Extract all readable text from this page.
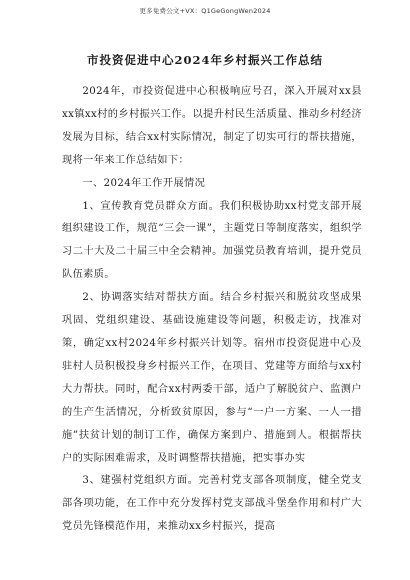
更多免费公文+VX：Q1GeGongWen2024
市投资促进中心2024年乡村振兴工作总结

2024年，市投资促进中心积极响应号召，深入开展对xx县xx镇xx村的乡村振兴工作。以提升村民生活质量、推动乡村经济发展为目标，结合xx村实际情况，制定了切实可行的帮扶措施，现将一年来工作总结如下：

一、2024年工作开展情况

1、宣传教育党员群众方面。我们积极协助xx村党支部开展组织建设工作，规范“三会一课”，主题党日等制度落实，组织学习二十大及二十届三中全会精神。加强党员教育培训，提升党员队伍素质。

2、协调落实结对帮扶方面。结合乡村振兴和脱贫攻坚成果巩固、党组织建设、基础设施建设等问题，积极走访，找准对策，确定xx村2024年乡村振兴计划等。宿州市投资促进中心及驻村人员积极投身乡村振兴工作，在项目、党建等方面给与xx村大力帮扶。同时，配合xx村两委干部，适户了解脱贫户、监测户的生产生活情况，分析致贫原因，参与“一户一方案、一人一措施”扶贫计划的制订工作，确保方案到户、措施到人。根据帮扶户的实际困难需求，及时调整帮扶措施，把实事办实

3、建强村党组织方面。完善村党支部各项制度，健全党支部各项功能，在工作中充分发挥村党支部战斗堡垒作用和村广大党员先锋模范作用，来推动xx乡村振兴，提高
